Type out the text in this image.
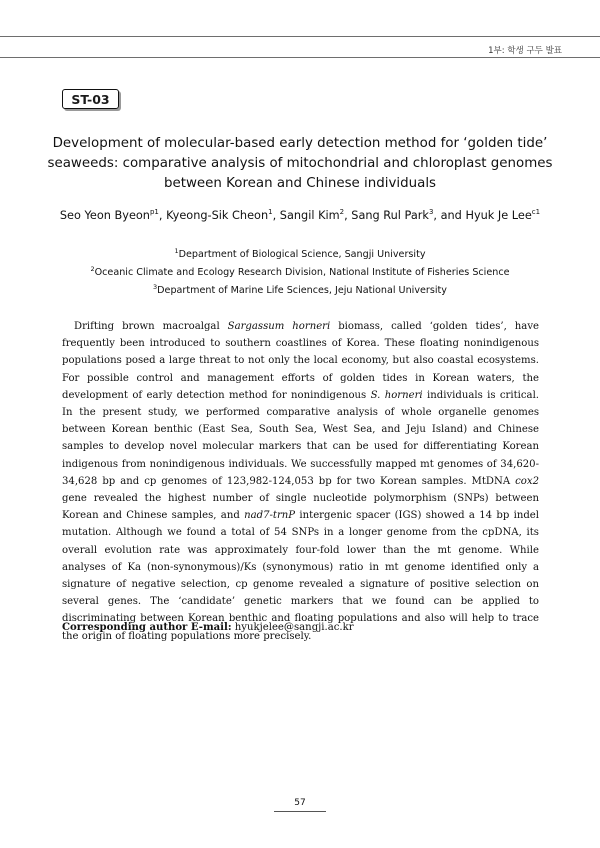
1부: 학생 구두 발표
ST-03
Development of molecular-based early detection method for ‘golden tide’ seaweeds: comparative analysis of mitochondrial and chloroplast genomes between Korean and Chinese individuals
Seo Yeon Byeon$^{p1}$, Kyeong-Sik Cheon$^1$, Sangil Kim$^2$, Sang Rul Park$^3$, and Hyuk Je Lee$^{c1}$
$^1$Department of Biological Science, Sangji University
$^2$Oceanic Climate and Ecology Research Division, National Institute of Fisheries Science
$^3$Department of Marine Life Sciences, Jeju National University

Drifting brown macroalgal Sargassum horneri biomass, called ‘golden tides’, have frequently been introduced to southern coastlines of Korea. These floating nonindigenous populations posed a large threat to not only the local economy, but also coastal ecosystems. For possible control and management efforts of golden tides in Korean waters, the development of early detection method for nonindigenous S. horneri individuals is critical. In the present study, we performed comparative analysis of whole organelle genomes between Korean benthic (East Sea, South Sea, West Sea, and Jeju Island) and Chinese samples to develop novel molecular markers that can be used for differentiating Korean indigenous from nonindigenous individuals. We successfully mapped mt genomes of 34,620-34,628 bp and cp genomes of 123,982-124,053 bp for two Korean samples. MtDNA cox2 gene revealed the highest number of single nucleotide polymorphism (SNPs) between Korean and Chinese samples, and nad7-trnP intergenic spacer (IGS) showed a 14 bp indel mutation. Although we found a total of 54 SNPs in a longer genome from the cpDNA, its overall evolution rate was approximately four-fold lower than the mt genome. While analyses of Ka (non-synonymous)/Ks (synonymous) ratio in mt genome identified only a signature of negative selection, cp genome revealed a signature of positive selection on several genes. The ‘candidate’ genetic markers that we found can be applied to discriminating between Korean benthic and floating populations and also will help to trace the origin of floating populations more precisely.

Corresponding author E-mail: hyukjelee@sangji.ac.kr
57
